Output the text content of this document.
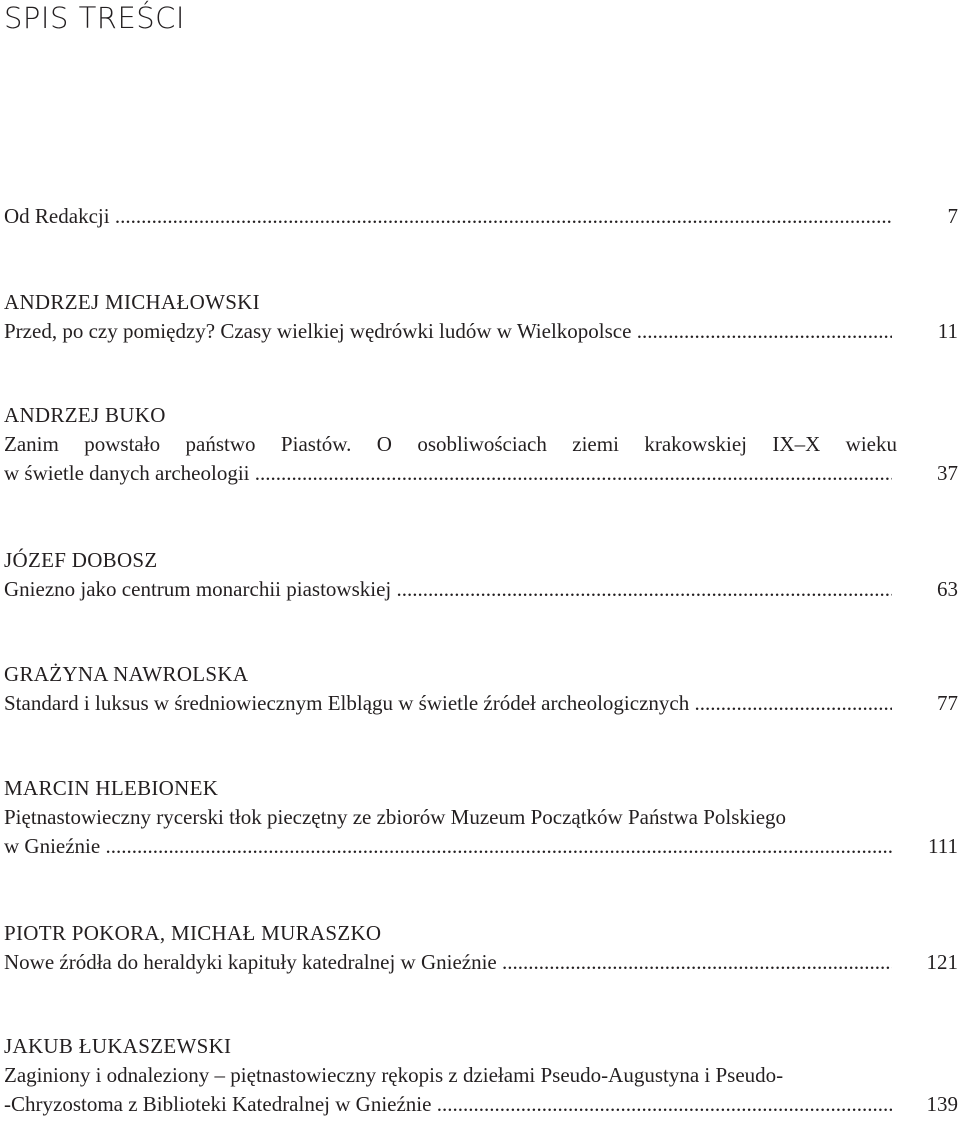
SPIS TREŚCI
Od Redakcji .....	7
ANDRZEJ MICHAŁOWSKI
Przed, po czy pomiędzy? Czasy wielkiej wędrówki ludów w Wielkopolsce .....	11
ANDRZEJ BUKO
Zanim powstało państwo Piastów. O osobliwościach ziemi krakowskiej IX–X wieku
w świetle danych archeologii .....	37
JÓZEF DOBOSZ
Gniezno jako centrum monarchii piastowskiej .....	63
GRAŻYNA NAWROLSKA
Standard i luksus w średniowiecznym Elblągu w świetle źródeł archeologicznych .....	77
MARCIN HLEBIONEK
Piętnastowieczny rycerski tłok pieczętny ze zbiorów Muzeum Początków Państwa Polskiego
w Gnieźnie .....	111
PIOTR POKORA, MICHAŁ MURASZKO
Nowe źródła do heraldyki kapituły katedralnej w Gnieźnie .....	121
JAKUB ŁUKASZEWSKI
Zaginiony i odnaleziony – piętnastowieczny rękopis z dziełami Pseudo-Augustyna i Pseudo-
-Chryzostoma z Biblioteki Katedralnej w Gnieźnie .....	139
